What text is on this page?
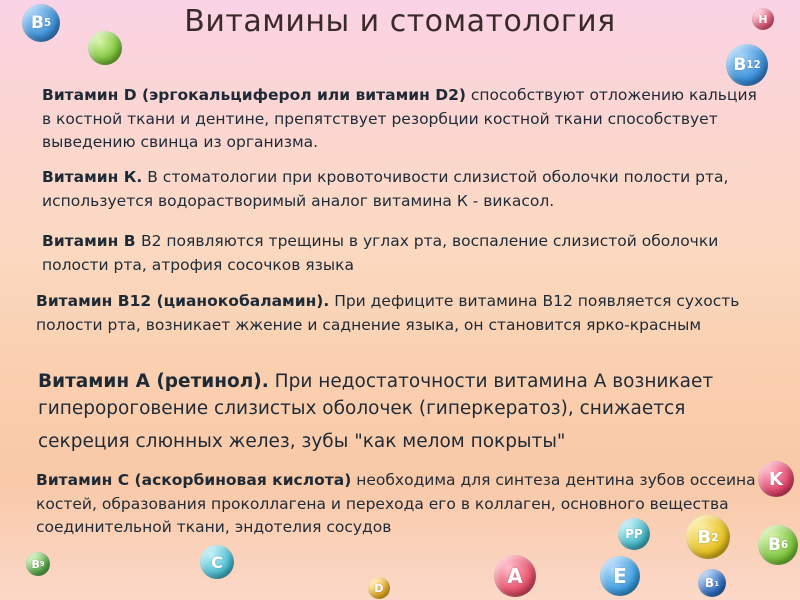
Витамины и стоматология
Витамин D (эргокальциферол или витамин D2) способствуют отложению кальция в костной ткани и дентине, препятствует резорбции костной ткани способствует выведению свинца из организма.
Витамин К. В стоматологии при кровоточивости слизистой оболочки полости рта, используется водорастворимый аналог витамина К - викасол.
Витамин В В2 появляются трещины в углах рта, воспаление слизистой оболочки полости рта, атрофия сосочков языка
Витамин В12 (цианокобаламин). При дефиците витамина В12 появляется сухость полости рта, возникает жжение и саднение языка, он становится ярко-красным
Витамин А (ретинол). При недостаточности витамина А возникает гиперороговение слизистых оболочек (гиперкератоз), снижается
секреция слюнных желез, зубы "как мелом покрыты"
Витамин С (аскорбиновая кислота) необходима для синтеза дентина зубов оссеина костей, образования проколлагена и перехода его в коллаген, основного вещества соединительной ткани, эндотелия сосудов
B 5	H
B 12
K
PP	B 2	B 6
B 9	C
D	A	E	B 1
